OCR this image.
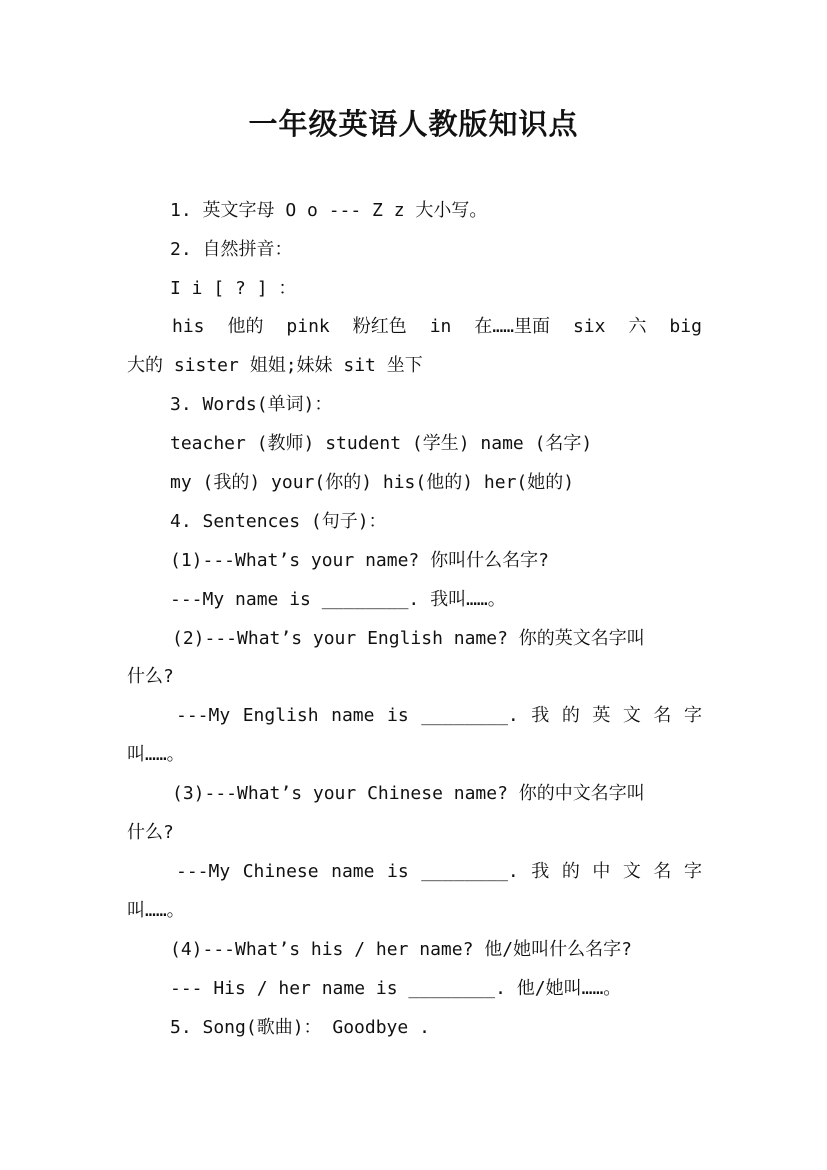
一年级英语人教版知识点

1. 英文字母 O o --- Z z 大小写。

2. 自然拼音：

I i [ ? ] ：

his 他的 pink 粉红色 in 在……里面 six 六 big

大的 sister 姐姐;妹妹 sit 坐下

3. Words(单词)：

teacher (教师) student (学生) name (名字)

my (我的) your(你的) his(他的) her(她的)

4. Sentences (句子)：

(1)---What’s your name? 你叫什么名字?

---My name is ________. 我叫……。

(2)---What’s your English name? 你的英文名字叫

什么?

---My English name is ________. 我 的 英 文 名 字

叫……。

(3)---What’s your Chinese name? 你的中文名字叫

什么?

---My Chinese name is ________. 我 的 中 文 名 字

叫……。

(4)---What’s his / her name? 他/她叫什么名字?

--- His / her name is ________. 他/她叫……。

5. Song(歌曲)： Goodbye .
